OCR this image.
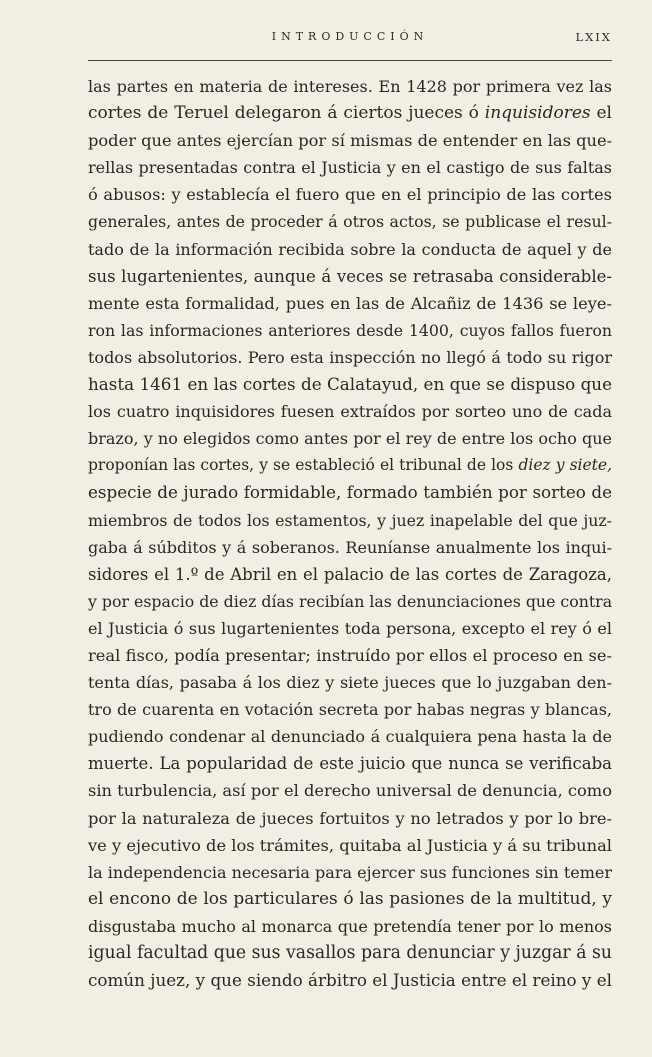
INTRODUCCIÓN	LXIX
las partes en materia de intereses. En 1428 por primera vez las
cortes de Teruel delegaron á ciertos jueces ó inquisidores el
poder que antes ejercían por sí mismas de entender en las que-
rellas presentadas contra el Justicia y en el castigo de sus faltas
ó abusos: y establecía el fuero que en el principio de las cortes
generales, antes de proceder á otros actos, se publicase el resul-
tado de la información recibida sobre la conducta de aquel y de
sus lugartenientes, aunque á veces se retrasaba considerable-
mente esta formalidad, pues en las de Alcañiz de 1436 se leye-
ron las informaciones anteriores desde 1400, cuyos fallos fueron
todos absolutorios. Pero esta inspección no llegó á todo su rigor
hasta 1461 en las cortes de Calatayud, en que se dispuso que
los cuatro inquisidores fuesen extraídos por sorteo uno de cada
brazo, y no elegidos como antes por el rey de entre los ocho que
proponían las cortes, y se estableció el tribunal de los diez y siete,
especie de jurado formidable, formado también por sorteo de
miembros de todos los estamentos, y juez inapelable del que juz-
gaba á súbditos y á soberanos. Reuníanse anualmente los inqui-
sidores el 1.º de Abril en el palacio de las cortes de Zaragoza,
y por espacio de diez días recibían las denunciaciones que contra
el Justicia ó sus lugartenientes toda persona, excepto el rey ó el
real fisco, podía presentar; instruído por ellos el proceso en se-
tenta días, pasaba á los diez y siete jueces que lo juzgaban den-
tro de cuarenta en votación secreta por habas negras y blancas,
pudiendo condenar al denunciado á cualquiera pena hasta la de
muerte. La popularidad de este juicio que nunca se verificaba
sin turbulencia, así por el derecho universal de denuncia, como
por la naturaleza de jueces fortuitos y no letrados y por lo bre-
ve y ejecutivo de los trámites, quitaba al Justicia y á su tribunal
la independencia necesaria para ejercer sus funciones sin temer
el encono de los particulares ó las pasiones de la multitud, y
disgustaba mucho al monarca que pretendía tener por lo menos
igual facultad que sus vasallos para denunciar y juzgar á su
común juez, y que siendo árbitro el Justicia entre el reino y el
